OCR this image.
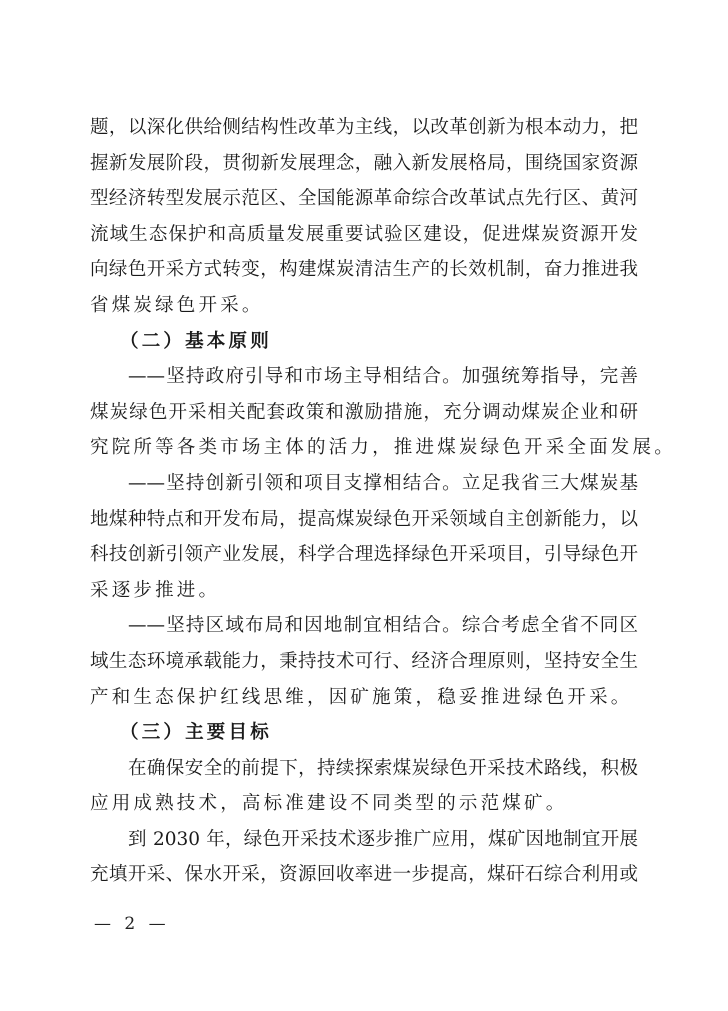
题，以深化供给侧结构性改革为主线，以改革创新为根本动力，把
握新发展阶段，贯彻新发展理念，融入新发展格局，围绕国家资源
型经济转型发展示范区、全国能源革命综合改革试点先行区、黄河
流域生态保护和高质量发展重要试验区建设，促进煤炭资源开发
向绿色开采方式转变，构建煤炭清洁生产的长效机制，奋力推进我
省煤炭绿色开采。
（二）基本原则
——坚持政府引导和市场主导相结合。加强统筹指导，完善
煤炭绿色开采相关配套政策和激励措施，充分调动煤炭企业和研
究院所等各类市场主体的活力，推进煤炭绿色开采全面发展。
——坚持创新引领和项目支撑相结合。立足我省三大煤炭基
地煤种特点和开发布局，提高煤炭绿色开采领域自主创新能力，以
科技创新引领产业发展，科学合理选择绿色开采项目，引导绿色开
采逐步推进。
——坚持区域布局和因地制宜相结合。综合考虑全省不同区
域生态环境承载能力，秉持技术可行、经济合理原则，坚持安全生
产和生态保护红线思维，因矿施策，稳妥推进绿色开采。
（三）主要目标
在确保安全的前提下，持续探索煤炭绿色开采技术路线，积极
应用成熟技术，高标准建设不同类型的示范煤矿。
到 2030 年，绿色开采技术逐步推广应用，煤矿因地制宜开展
充填开采、保水开采，资源回收率进一步提高，煤矸石综合利用或
— 2 —
